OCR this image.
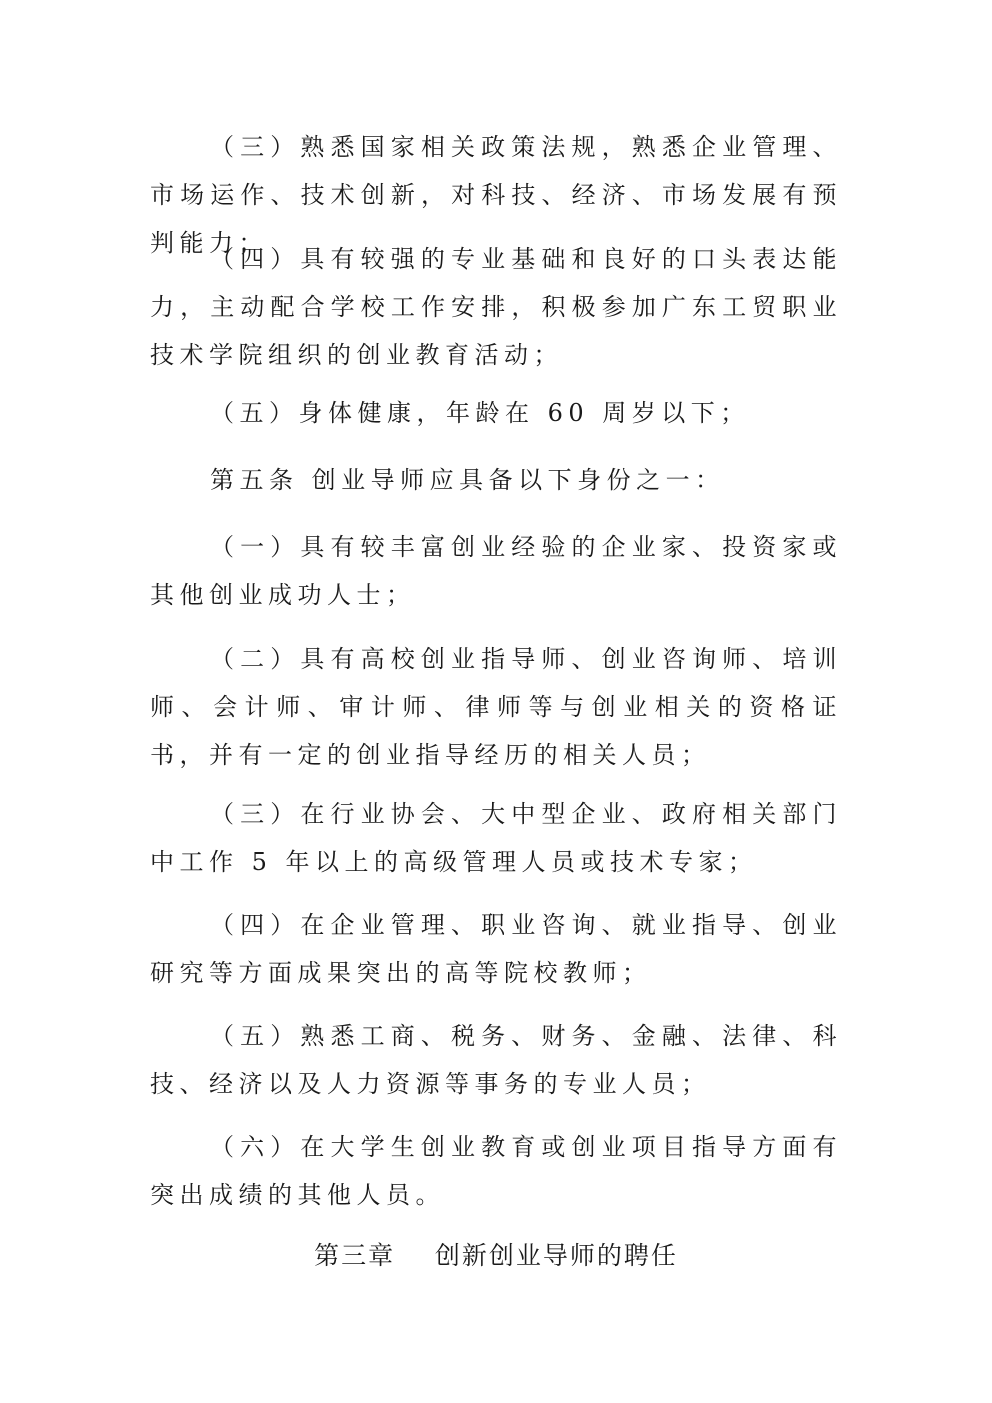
（三）熟悉国家相关政策法规，熟悉企业管理、市场运作、技术创新，对科技、经济、市场发展有预判能力；

（四）具有较强的专业基础和良好的口头表达能力，主动配合学校工作安排，积极参加广东工贸职业技术学院组织的创业教育活动；

（五）身体健康，年龄在 60 周岁以下；

第五条 创业导师应具备以下身份之一：

（一）具有较丰富创业经验的企业家、投资家或其他创业成功人士；

（二）具有高校创业指导师、创业咨询师、培训师、会计师、审计师、律师等与创业相关的资格证书，并有一定的创业指导经历的相关人员；

（三）在行业协会、大中型企业、政府相关部门中工作 5 年以上的高级管理人员或技术专家；

（四）在企业管理、职业咨询、就业指导、创业研究等方面成果突出的高等院校教师；

（五）熟悉工商、税务、财务、金融、法律、科技、经济以及人力资源等事务的专业人员；

（六）在大学生创业教育或创业项目指导方面有突出成绩的其他人员。

第三章    创新创业导师的聘任
